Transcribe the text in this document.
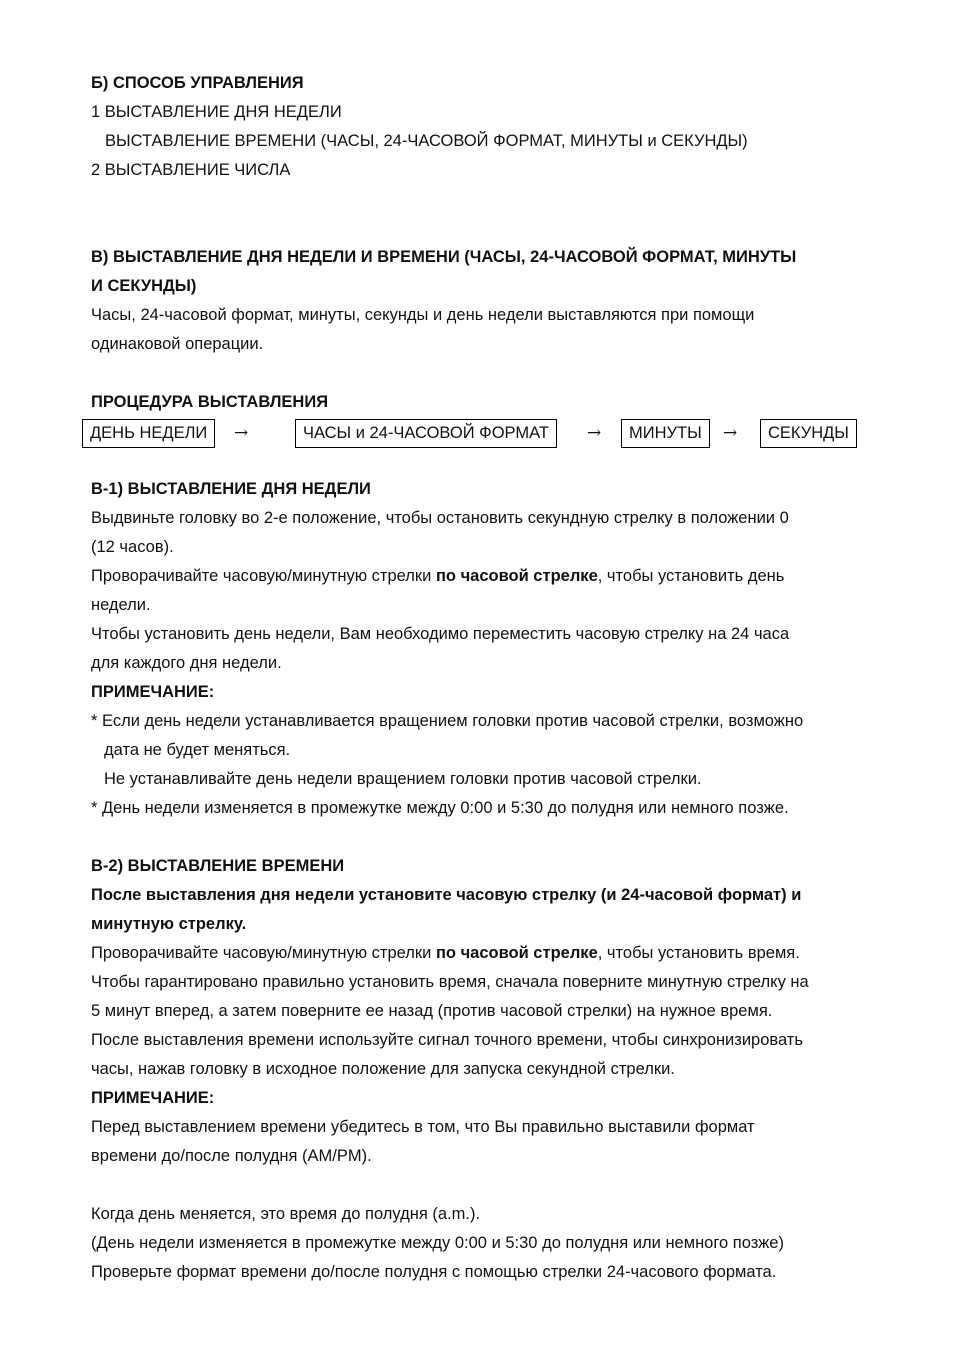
Б) СПОСОБ УПРАВЛЕНИЯ
1 ВЫСТАВЛЕНИЕ ДНЯ НЕДЕЛИ
ВЫСТАВЛЕНИЕ ВРЕМЕНИ (ЧАСЫ, 24-ЧАСОВОЙ ФОРМАТ, МИНУТЫ и СЕКУНДЫ)
2 ВЫСТАВЛЕНИЕ ЧИСЛА
В) ВЫСТАВЛЕНИЕ ДНЯ НЕДЕЛИ И ВРЕМЕНИ (ЧАСЫ, 24-ЧАСОВОЙ ФОРМАТ, МИНУТЫ
И СЕКУНДЫ)
Часы, 24-часовой формат, минуты, секунды и день недели выставляются при помощи
одинаковой операции.
ПРОЦЕДУРА ВЫСТАВЛЕНИЯ
ДЕНЬ НЕДЕЛИ	→	ЧАСЫ и 24-ЧАСОВОЙ ФОРМАТ	→	МИНУТЫ	→	СЕКУНДЫ
В-1) ВЫСТАВЛЕНИЕ ДНЯ НЕДЕЛИ
Выдвиньте головку во 2-е положение, чтобы остановить секундную стрелку в положении 0
(12 часов).
Проворачивайте часовую/минутную стрелки по часовой стрелке, чтобы установить день
недели.
Чтобы установить день недели, Вам необходимо переместить часовую стрелку на 24 часа
для каждого дня недели.
ПРИМЕЧАНИЕ:
* Если день недели устанавливается вращением головки против часовой стрелки, возможно
дата не будет меняться.
Не устанавливайте день недели вращением головки против часовой стрелки.
* День недели изменяется в промежутке между 0:00 и 5:30 до полудня или немного позже.
В-2) ВЫСТАВЛЕНИЕ ВРЕМЕНИ
После выставления дня недели установите часовую стрелку (и 24-часовой формат) и
минутную стрелку.
Проворачивайте часовую/минутную стрелки по часовой стрелке, чтобы установить время.
Чтобы гарантировано правильно установить время, сначала поверните минутную стрелку на
5 минут вперед, а затем поверните ее назад (против часовой стрелки) на нужное время.
После выставления времени используйте сигнал точного времени, чтобы синхронизировать
часы, нажав головку в исходное положение для запуска секундной стрелки.
ПРИМЕЧАНИЕ:
Перед выставлением времени убедитесь в том, что Вы правильно выставили формат
времени до/после полудня (AM/PM).
Когда день меняется, это время до полудня (a.m.).
(День недели изменяется в промежутке между 0:00 и 5:30 до полудня или немного позже)
Проверьте формат времени до/после полудня с помощью стрелки 24-часового формата.
